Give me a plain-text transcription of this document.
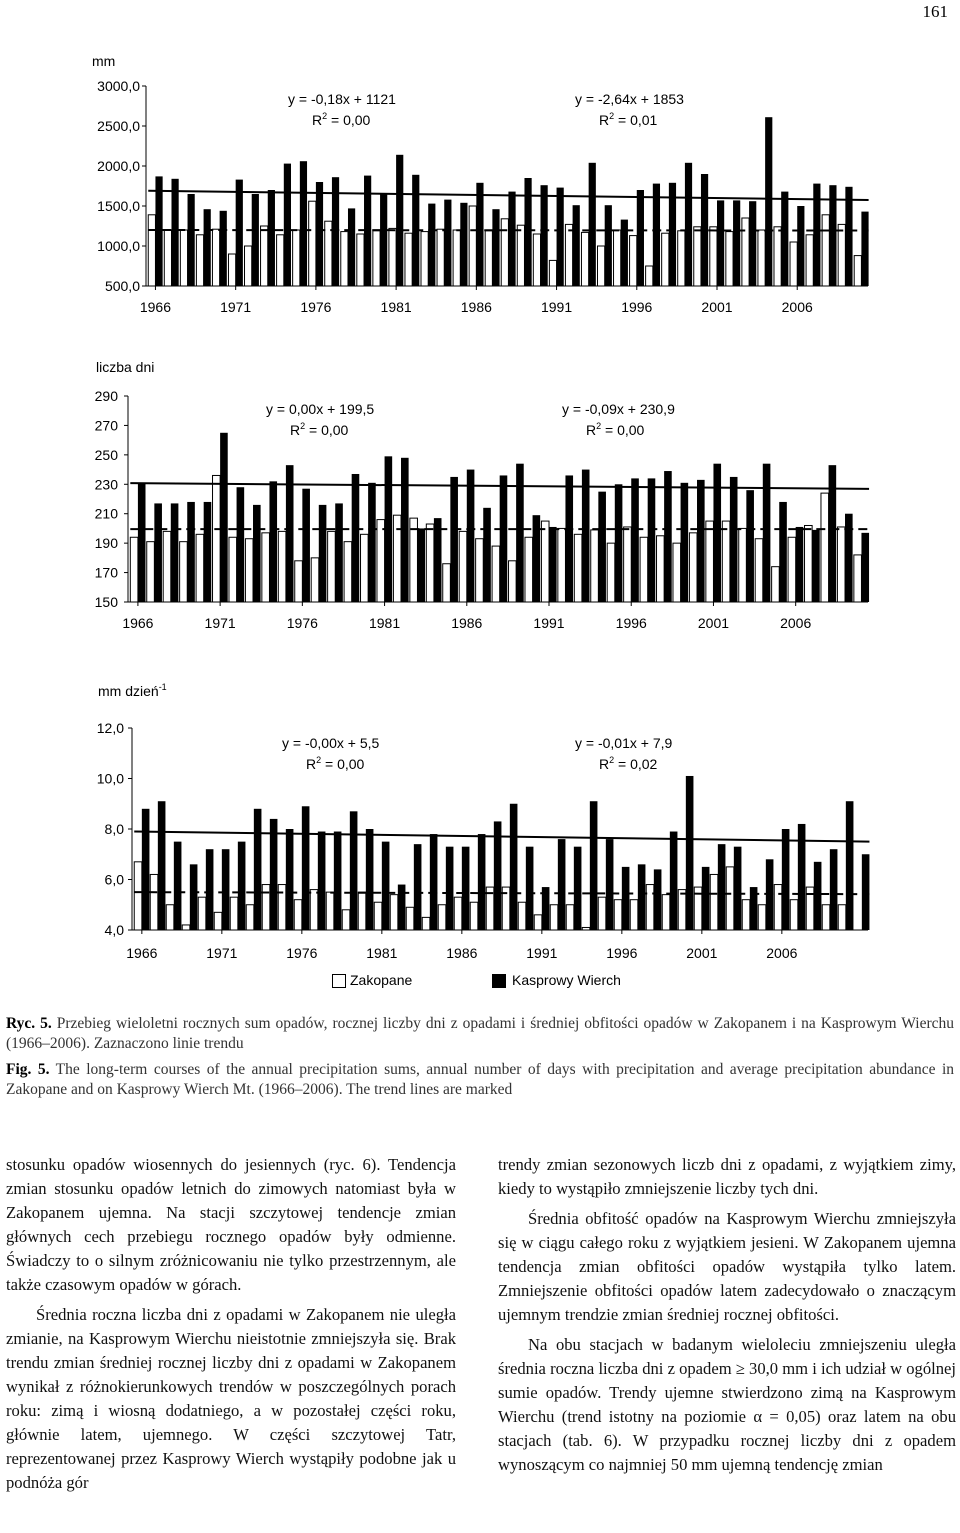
161
mm
500,0
1000,0
1500,0
2000,0
2500,0
3000,0
1966	1971	1976	1981	1986	1991	1996	2001	2006
y = -0,18x + 1121
$R^2 = 0,00$
y = -2,64x + 1853
$R^2 = 0,01$
liczba dni
150
170
190
210
230
250
270
290
1966	1971	1976	1981	1986	1991	1996	2001	2006
y = 0,00x + 199,5
$R^2 = 0,00$
y = -0,09x + 230,9
$R^2 = 0,00$
mm dzień$^{-1}$
4,0
6,0
8,0
10,0
12,0
1966	1971	1976	1981	1986	1991	1996	2001	2006
y = -0,00x + 5,5
$R^2 = 0,00$
y = -0,01x + 7,9
$R^2 = 0,02$
Zakopane	Kasprowy Wierch
Ryc. 5. Przebieg wieloletni rocznych sum opadów, rocznej liczby dni z opadami i średniej obfitości opadów w Zakopanem i na Kasprowym Wierchu (1966–2006). Zaznaczono linie trendu
Fig. 5. The long-term courses of the annual precipitation sums, annual number of days with precipitation and average precipitation abundance in Zakopane and on Kasprowy Wierch Mt. (1966–2006). The trend lines are marked

stosunku opadów wiosennych do jesiennych (ryc. 6). Tendencja zmian stosunku opadów letnich do zimowych natomiast była w Zakopanem ujemna. Na stacji szczytowej tendencje zmian głównych cech przebiegu rocznego opadów były odmienne. Świadczy to o silnym zróżnicowaniu nie tylko przestrzennym, ale także czasowym opadów w górach.

Średnia roczna liczba dni z opadami w Zakopanem nie uległa zmianie, na Kasprowym Wierchu nieistotnie zmniejszyła się. Brak trendu zmian średniej rocznej liczby dni z opadami w Zakopanem wynikał z różnokierunkowych trendów w poszczególnych porach roku: zimą i wiosną dodatniego, a w pozostałej części roku, głównie latem, ujemnego. W części szczytowej Tatr, reprezentowanej przez Kasprowy Wierch wystąpiły podobne jak u podnóża gór

trendy zmian sezonowych liczb dni z opadami, z wyjątkiem zimy, kiedy to wystąpiło zmniejszenie liczby tych dni.

Średnia obfitość opadów na Kasprowym Wierchu zmniejszyła się w ciągu całego roku z wyjątkiem jesieni. W Zakopanem ujemna tendencja zmian obfitości opadów wystąpiła tylko latem. Zmniejszenie obfitości opadów latem zadecydowało o znaczącym ujemnym trendzie zmian średniej rocznej obfitości.

Na obu stacjach w badanym wieloleciu zmniejszeniu uległa średnia roczna liczba dni z opadem ≥ 30,0 mm i ich udział w ogólnej sumie opadów. Trendy ujemne stwierdzono zimą na Kasprowym Wierchu (trend istotny na poziomie α = 0,05) oraz latem na obu stacjach (tab. 6). W przypadku rocznej liczby dni z opadem wynoszącym co najmniej 50 mm ujemną tendencję zmian
